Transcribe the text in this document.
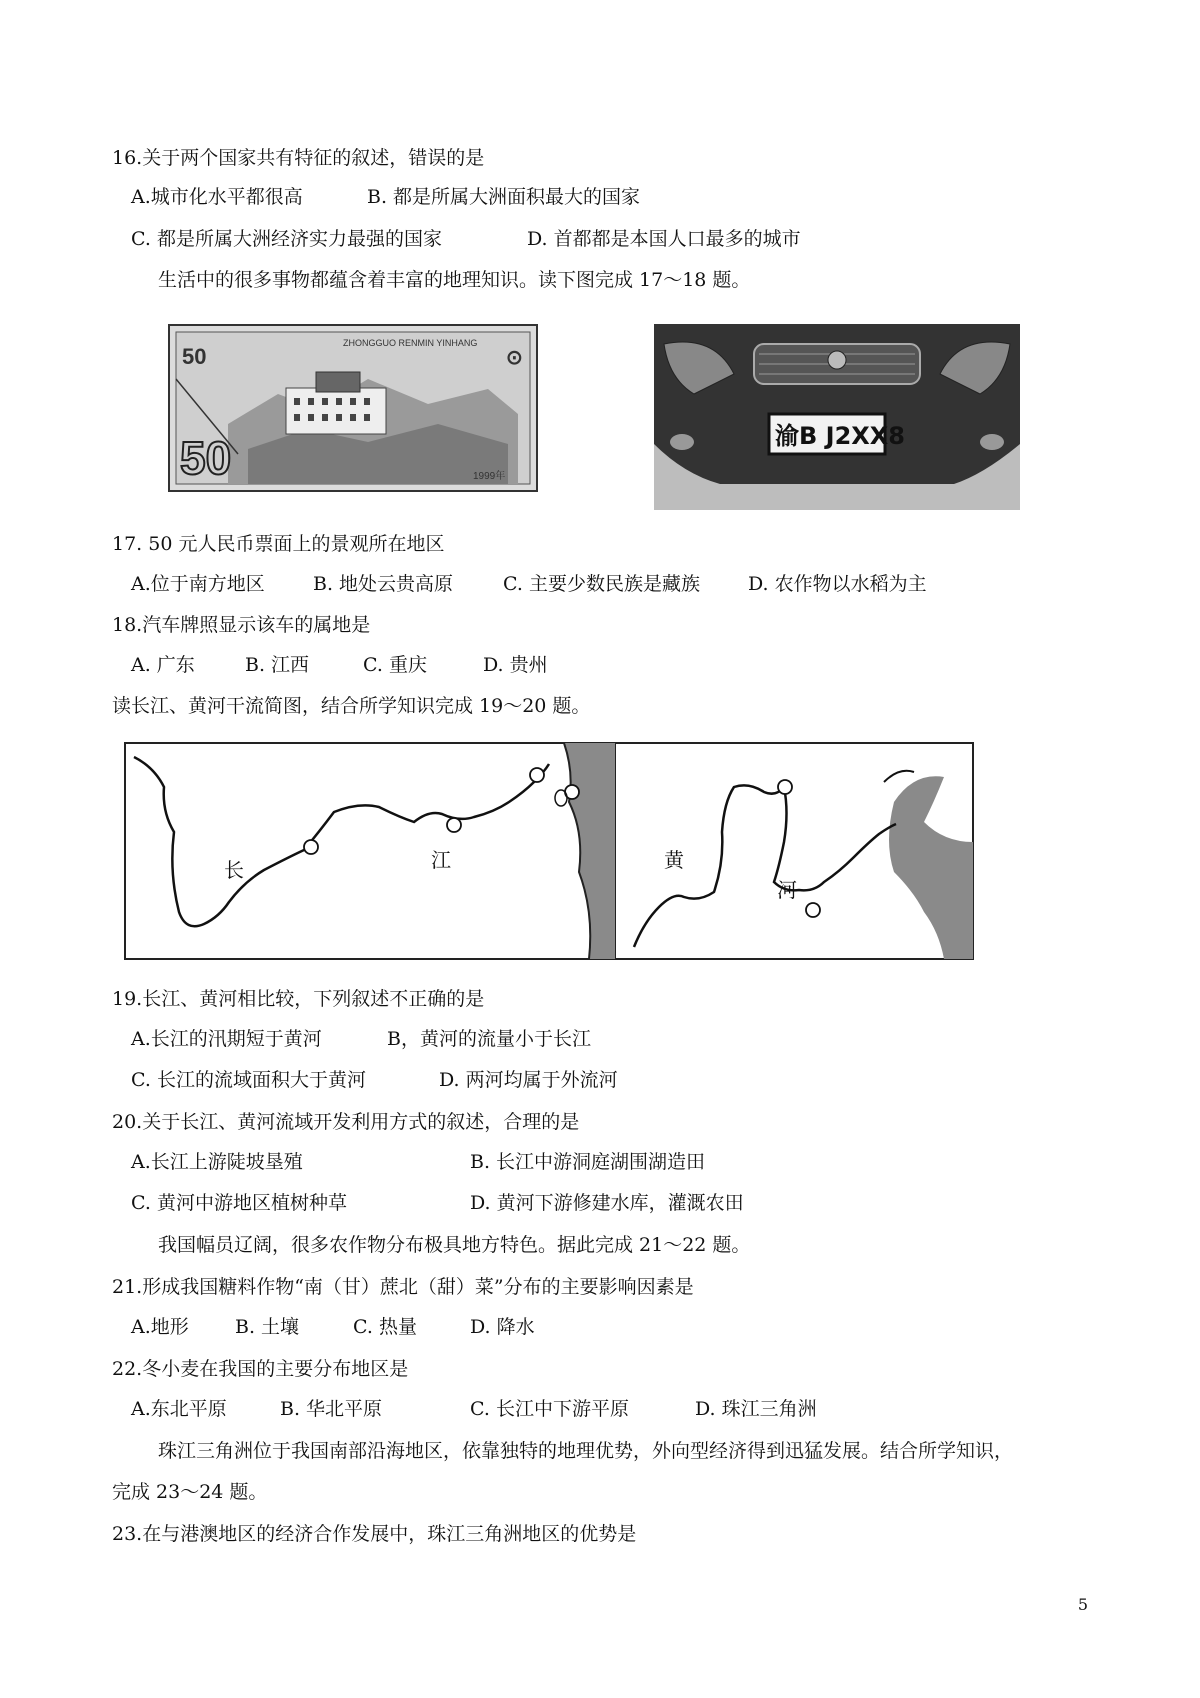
16.关于两个国家共有特征的叙述，错误的是
A.城市化水平都很高	B. 都是所属大洲面积最大的国家
C. 都是所属大洲经济实力最强的国家	D. 首都都是本国人口最多的城市
生活中的很多事物都蕴含着丰富的地理知识。读下图完成 17～18 题。
50
ZHONGGUO RENMIN YINHANG
50	1999年
⊙
渝B J2XX8
17. 50 元人民币票面上的景观所在地区
A.位于南方地区	B. 地处云贵高原	C. 主要少数民族是藏族	D. 农作物以水稻为主
18.汽车牌照显示该车的属地是
A. 广东	B. 江西	C. 重庆	D. 贵州
读长江、黄河干流简图，结合所学知识完成 19～20 题。
长	江	黄
河
19.长江、黄河相比较，下列叙述不正确的是
A.长江的汛期短于黄河	B，黄河的流量小于长江
C. 长江的流域面积大于黄河	D. 两河均属于外流河
20.关于长江、黄河流域开发利用方式的叙述，合理的是
A.长江上游陡坡垦殖	B. 长江中游洞庭湖围湖造田
C. 黄河中游地区植树种草	D. 黄河下游修建水库，灌溉农田
我国幅员辽阔，很多农作物分布极具地方特色。据此完成 21～22 题。
21.形成我国糖料作物“南（甘）蔗北（甜）菜”分布的主要影响因素是
A.地形 B. 土壤	C. 热量	D. 降水
22.冬小麦在我国的主要分布地区是
A.东北平原	B. 华北平原	C. 长江中下游平原	D. 珠江三角洲
珠江三角洲位于我国南部沿海地区，依靠独特的地理优势，外向型经济得到迅猛发展。结合所学知识，
完成 23～24 题。
23.在与港澳地区的经济合作发展中，珠江三角洲地区的优势是
5
